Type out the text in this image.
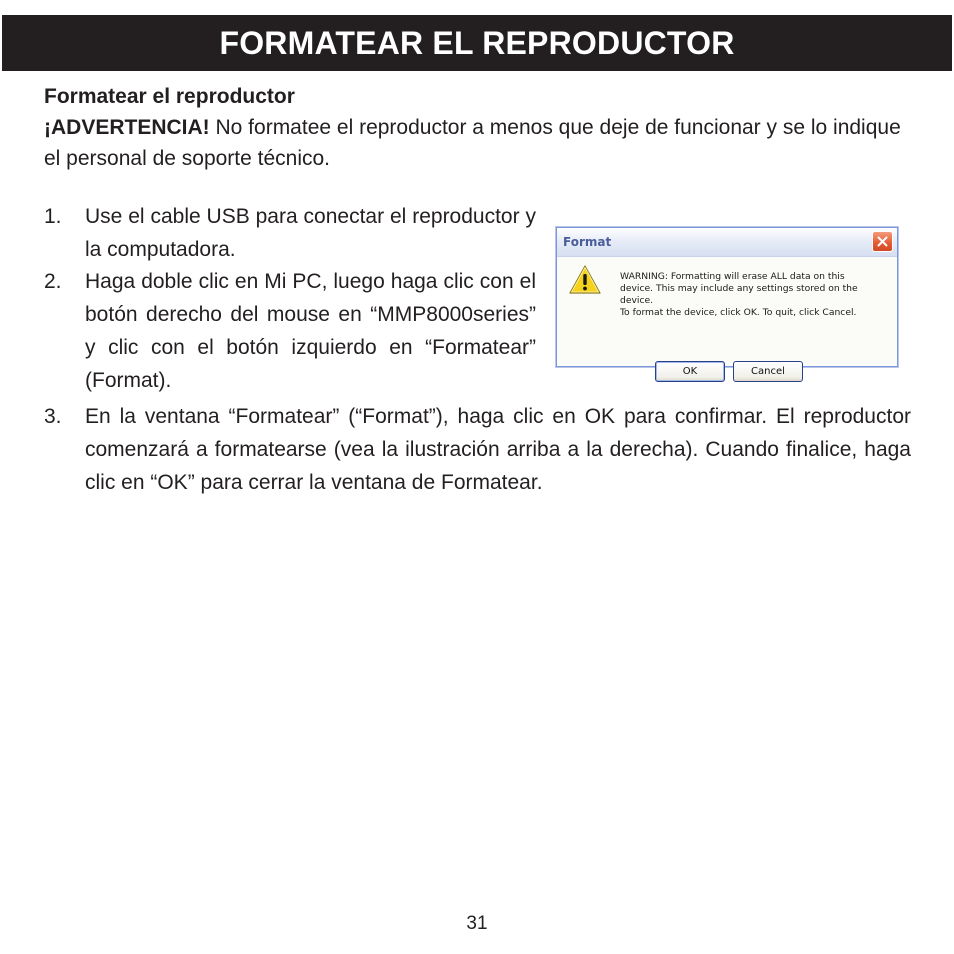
FORMATEAR EL REPRODUCTOR
Formatear el reproductor
¡ADVERTENCIA! No formatee el reproductor a menos que deje de funcionar y se lo indique el personal de soporte técnico.
1.	Use el cable USB para conectar el reproductor y la computadora.
2.	Haga doble clic en Mi PC, luego haga clic con el botón derecho del mouse en “MMP8000series” y clic con el botón izquierdo en “Formatear” (Format).
3.	En la ventana “Formatear” (“Format”), haga clic en OK para confirmar. El reproductor comenzará a formatearse (vea la ilustración arriba a la derecha). Cuando finalice, haga clic en “OK” para cerrar la ventana de Formatear.
Format
WARNING: Formatting will erase ALL data on this
device. This may include any settings stored on the
device.
To format the device, click OK. To quit, click Cancel.
OK	Cancel
31
